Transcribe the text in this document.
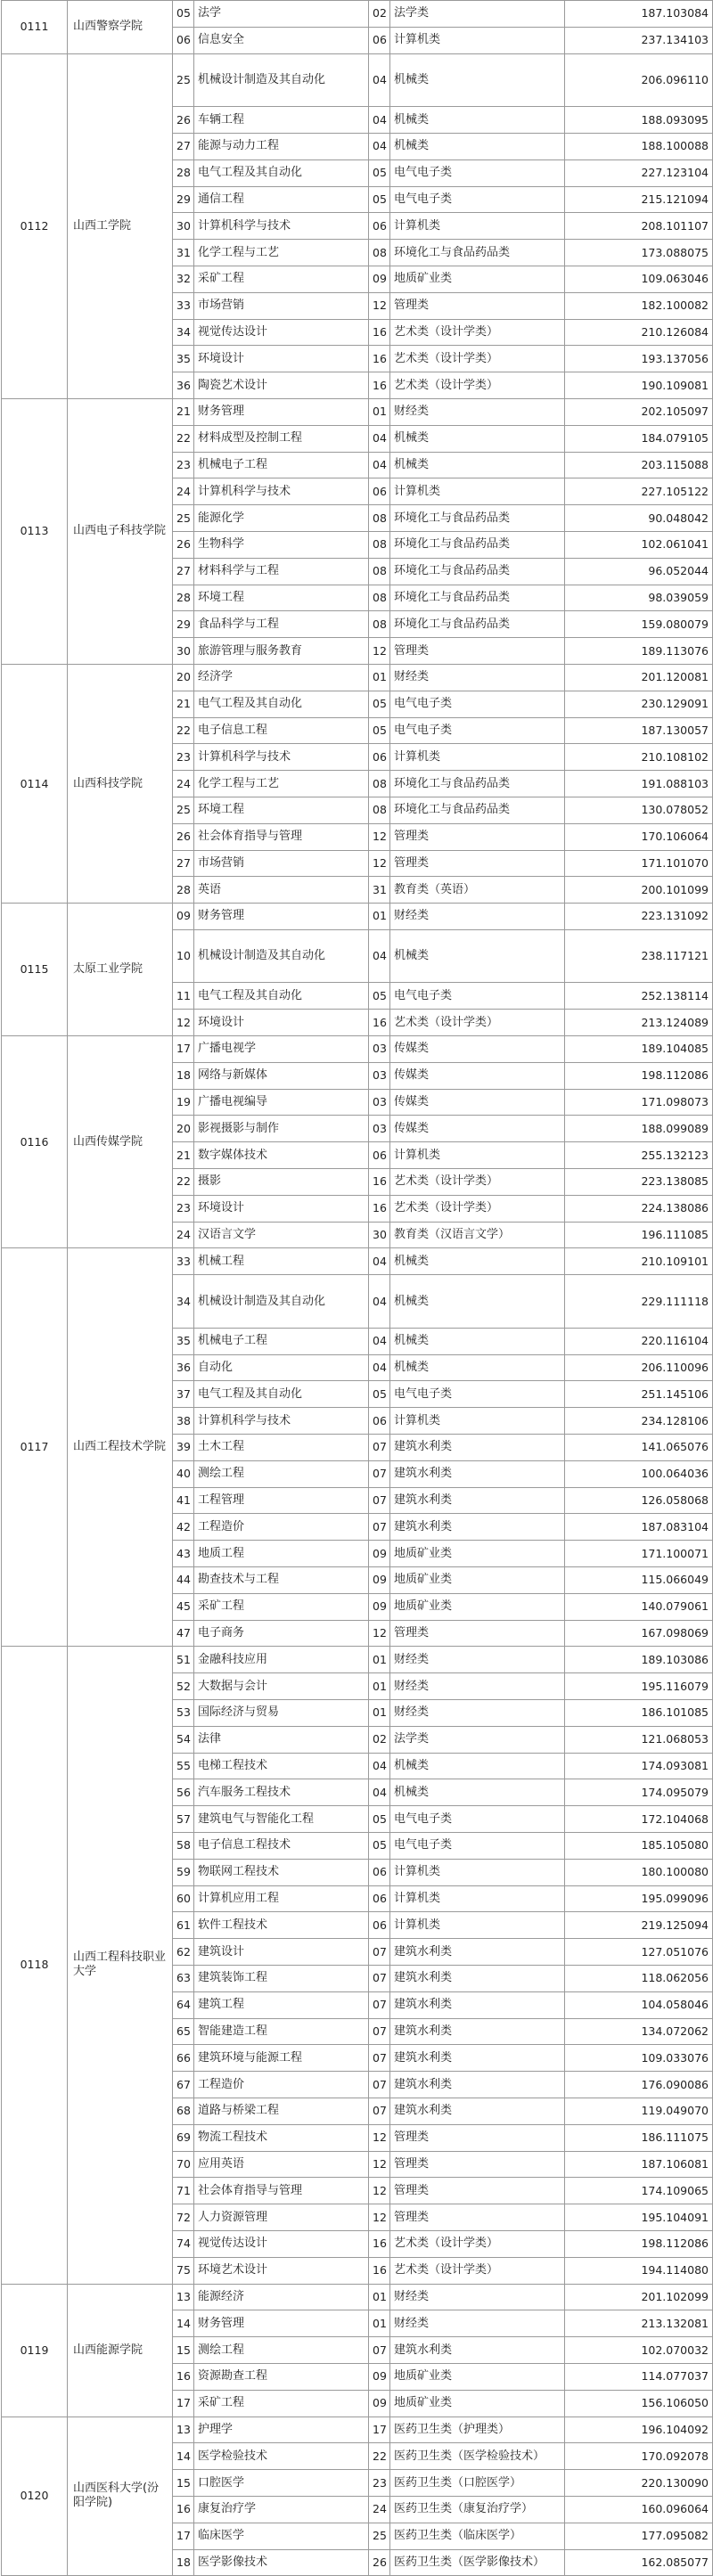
0111	山西警察学院	05	法学	02	法学类	187.103084
		06	信息安全	06	计算机类	237.134103
0112	山西工学院	25	机械设计制造及其自动化	04	机械类	206.096110
		26	车辆工程	04	机械类	188.093095
		27	能源与动力工程	04	机械类	188.100088
		28	电气工程及其自动化	05	电气电子类	227.123104
		29	通信工程	05	电气电子类	215.121094
		30	计算机科学与技术	06	计算机类	208.101107
		31	化学工程与工艺	08	环境化工与食品药品类	173.088075
		32	采矿工程	09	地质矿业类	109.063046
		33	市场营销	12	管理类	182.100082
		34	视觉传达设计	16	艺术类（设计学类）	210.126084
		35	环境设计	16	艺术类（设计学类）	193.137056
		36	陶瓷艺术设计	16	艺术类（设计学类）	190.109081
0113	山西电子科技学院	21	财务管理	01	财经类	202.105097
		22	材料成型及控制工程	04	机械类	184.079105
		23	机械电子工程	04	机械类	203.115088
		24	计算机科学与技术	06	计算机类	227.105122
		25	能源化学	08	环境化工与食品药品类	90.048042
		26	生物科学	08	环境化工与食品药品类	102.061041
		27	材料科学与工程	08	环境化工与食品药品类	96.052044
		28	环境工程	08	环境化工与食品药品类	98.039059
		29	食品科学与工程	08	环境化工与食品药品类	159.080079
		30	旅游管理与服务教育	12	管理类	189.113076
0114	山西科技学院	20	经济学	01	财经类	201.120081
		21	电气工程及其自动化	05	电气电子类	230.129091
		22	电子信息工程	05	电气电子类	187.130057
		23	计算机科学与技术	06	计算机类	210.108102
		24	化学工程与工艺	08	环境化工与食品药品类	191.088103
		25	环境工程	08	环境化工与食品药品类	130.078052
		26	社会体育指导与管理	12	管理类	170.106064
		27	市场营销	12	管理类	171.101070
		28	英语	31	教育类（英语）	200.101099
0115	太原工业学院	09	财务管理	01	财经类	223.131092
		10	机械设计制造及其自动化	04	机械类	238.117121
		11	电气工程及其自动化	05	电气电子类	252.138114
		12	环境设计	16	艺术类（设计学类）	213.124089
0116	山西传媒学院	17	广播电视学	03	传媒类	189.104085
		18	网络与新媒体	03	传媒类	198.112086
		19	广播电视编导	03	传媒类	171.098073
		20	影视摄影与制作	03	传媒类	188.099089
		21	数字媒体技术	06	计算机类	255.132123
		22	摄影	16	艺术类（设计学类）	223.138085
		23	环境设计	16	艺术类（设计学类）	224.138086
		24	汉语言文学	30	教育类（汉语言文学）	196.111085
0117	山西工程技术学院	33	机械工程	04	机械类	210.109101
		34	机械设计制造及其自动化	04	机械类	229.111118
		35	机械电子工程	04	机械类	220.116104
		36	自动化	04	机械类	206.110096
		37	电气工程及其自动化	05	电气电子类	251.145106
		38	计算机科学与技术	06	计算机类	234.128106
		39	土木工程	07	建筑水利类	141.065076
		40	测绘工程	07	建筑水利类	100.064036
		41	工程管理	07	建筑水利类	126.058068
		42	工程造价	07	建筑水利类	187.083104
		43	地质工程	09	地质矿业类	171.100071
		44	勘查技术与工程	09	地质矿业类	115.066049
		45	采矿工程	09	地质矿业类	140.079061
		47	电子商务	12	管理类	167.098069
0118	山西工程科技职业大学	51	金融科技应用	01	财经类	189.103086
		52	大数据与会计	01	财经类	195.116079
		53	国际经济与贸易	01	财经类	186.101085
		54	法律	02	法学类	121.068053
		55	电梯工程技术	04	机械类	174.093081
		56	汽车服务工程技术	04	机械类	174.095079
		57	建筑电气与智能化工程	05	电气电子类	172.104068
		58	电子信息工程技术	05	电气电子类	185.105080
		59	物联网工程技术	06	计算机类	180.100080
		60	计算机应用工程	06	计算机类	195.099096
		61	软件工程技术	06	计算机类	219.125094
		62	建筑设计	07	建筑水利类	127.051076
		63	建筑装饰工程	07	建筑水利类	118.062056
		64	建筑工程	07	建筑水利类	104.058046
		65	智能建造工程	07	建筑水利类	134.072062
		66	建筑环境与能源工程	07	建筑水利类	109.033076
		67	工程造价	07	建筑水利类	176.090086
		68	道路与桥梁工程	07	建筑水利类	119.049070
		69	物流工程技术	12	管理类	186.111075
		70	应用英语	12	管理类	187.106081
		71	社会体育指导与管理	12	管理类	174.109065
		72	人力资源管理	12	管理类	195.104091
		74	视觉传达设计	16	艺术类（设计学类）	198.112086
		75	环境艺术设计	16	艺术类（设计学类）	194.114080
0119	山西能源学院	13	能源经济	01	财经类	201.102099
		14	财务管理	01	财经类	213.132081
		15	测绘工程	07	建筑水利类	102.070032
		16	资源勘查工程	09	地质矿业类	114.077037
		17	采矿工程	09	地质矿业类	156.106050
0120	山西医科大学(汾阳学院)	13	护理学	17	医药卫生类（护理类）	196.104092
		14	医学检验技术	22	医药卫生类（医学检验技术）	170.092078
		15	口腔医学	23	医药卫生类（口腔医学）	220.130090
		16	康复治疗学	24	医药卫生类（康复治疗学）	160.096064
		17	临床医学	25	医药卫生类（临床医学）	177.095082
		18	医学影像技术	26	医药卫生类（医学影像技术）	162.085077
